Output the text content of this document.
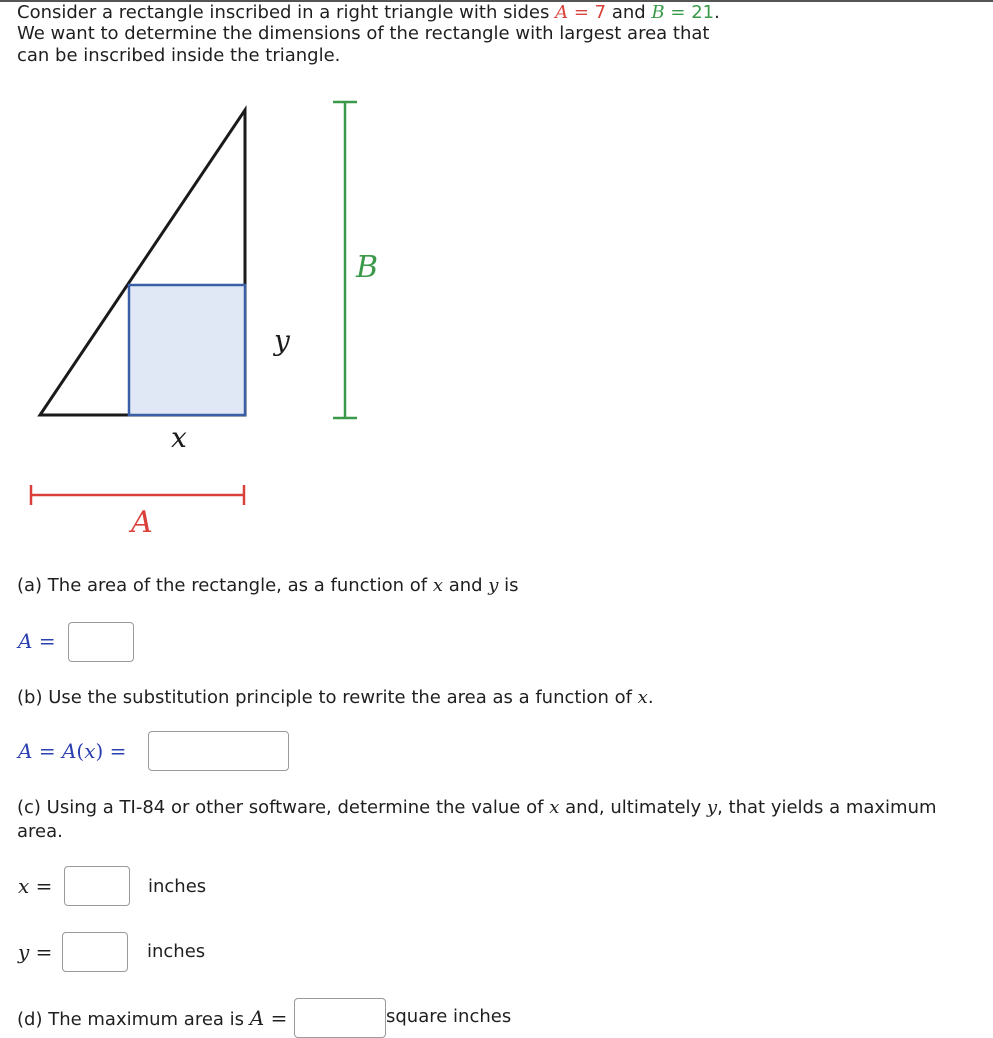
Consider a rectangle inscribed in a right triangle with sides A = 7 and B = 21.
We want to determine the dimensions of the rectangle with largest area that
can be inscribed inside the triangle.
B
y
x
A
(a) The area of the rectangle, as a function of x and y is
A =
(b) Use the substitution principle to rewrite the area as a function of x.
A = A(x) =
(c) Using a TI-84 or other software, determine the value of x and, ultimately y, that yields a maximum
area.
x =	inches
y =	inches
(d) The maximum area is A =	square inches
